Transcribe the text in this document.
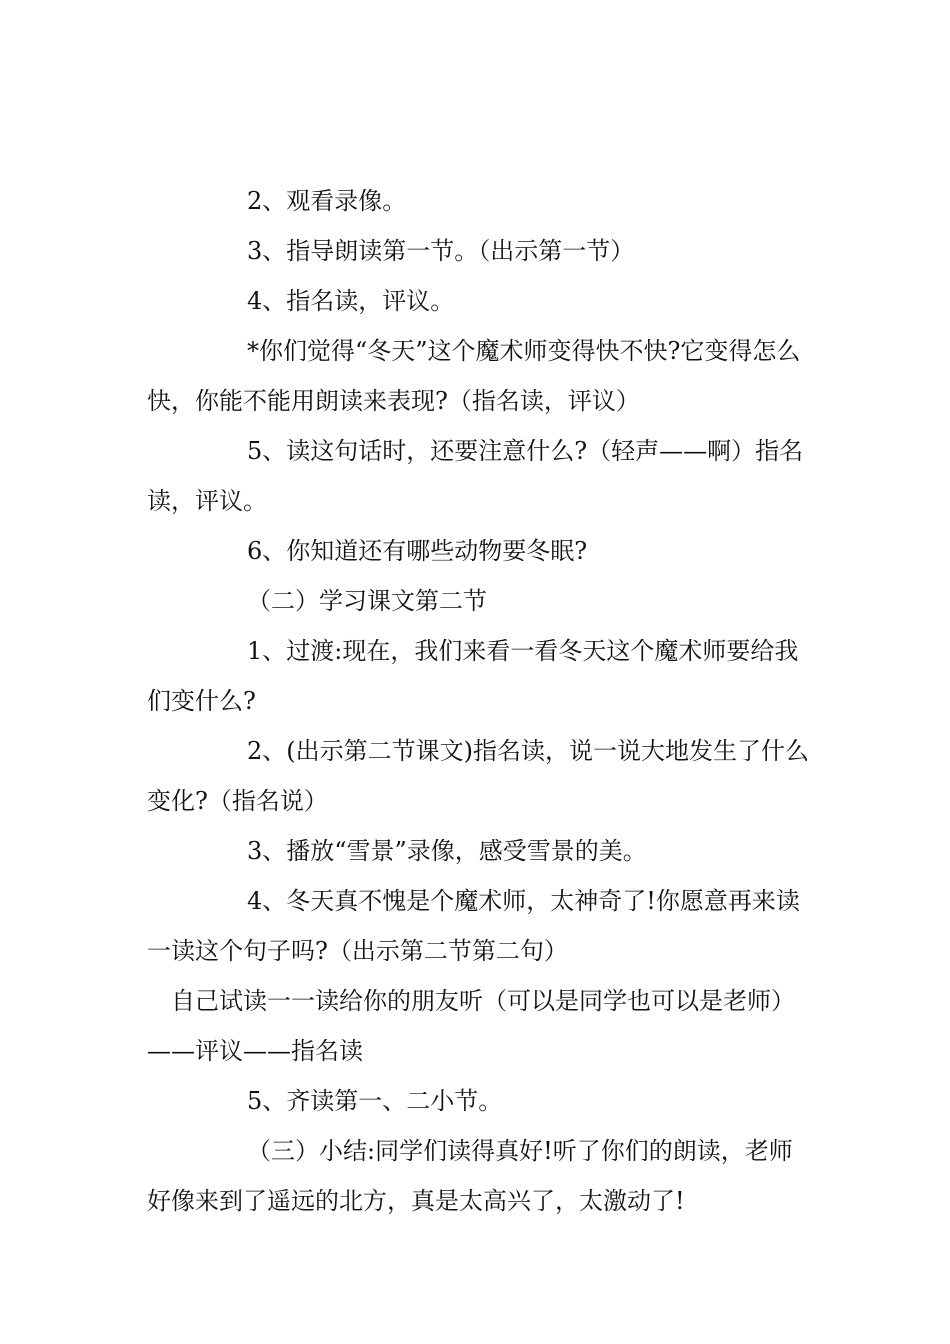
2、观看录像。

3、指导朗读第一节。（出示第一节）

4、指名读，评议。

*你们觉得“冬天”这个魔术师变得快不快?它变得怎么快，你能不能用朗读来表现?（指名读，评议）

5、读这句话时，还要注意什么?（轻声——啊）指名读，评议。

6、你知道还有哪些动物要冬眠?

（二）学习课文第二节

1、过渡:现在，我们来看一看冬天这个魔术师要给我们变什么?

2、(出示第二节课文)指名读，说一说大地发生了什么变化?（指名说）

3、播放“雪景”录像，感受雪景的美。

4、冬天真不愧是个魔术师，太神奇了!你愿意再来读一读这个句子吗?（出示第二节第二句）

自己试读一一读给你的朋友听（可以是同学也可以是老师）——评议——指名读

5、齐读第一、二小节。

（三）小结:同学们读得真好!听了你们的朗读，老师好像来到了遥远的北方，真是太高兴了，太激动了!
